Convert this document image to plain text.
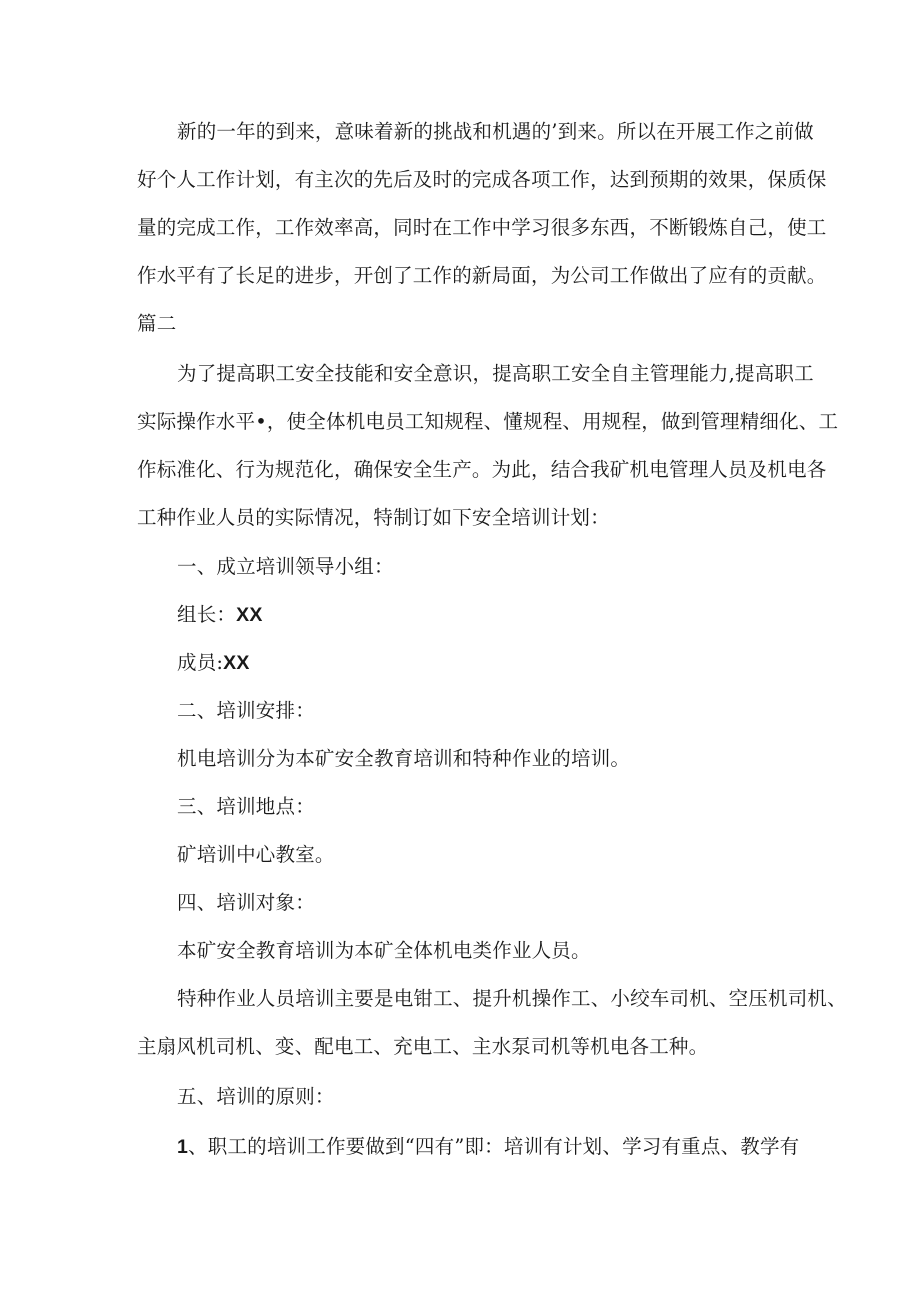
新的一年的到来，意味着新的挑战和机遇的’到来。所以在开展工作之前做
好个人工作计划，有主次的先后及时的完成各项工作，达到预期的效果，保质保
量的完成工作，工作效率高，同时在工作中学习很多东西，不断锻炼自己，使工
作水平有了长足的进步，开创了工作的新局面，为公司工作做出了应有的贡献。
篇二
为了提高职工安全技能和安全意识，提高职工安全自主管理能力,提高职工
实际操作水平•，使全体机电员工知规程、懂规程、用规程，做到管理精细化、工
作标准化、行为规范化，确保安全生产。为此，结合我矿机电管理人员及机电各
工种作业人员的实际情况，特制订如下安全培训计划：
一、成立培训领导小组：
组长：XX
成员:XX
二、培训安排：
机电培训分为本矿安全教育培训和特种作业的培训。
三、培训地点：
矿培训中心教室。
四、培训对象：
本矿安全教育培训为本矿全体机电类作业人员。
特种作业人员培训主要是电钳工、提升机操作工、小绞车司机、空压机司机、
主扇风机司机、变、配电工、充电工、主水泵司机等机电各工种。
五、培训的原则：
1、职工的培训工作要做到“四有”即：培训有计划、学习有重点、教学有
